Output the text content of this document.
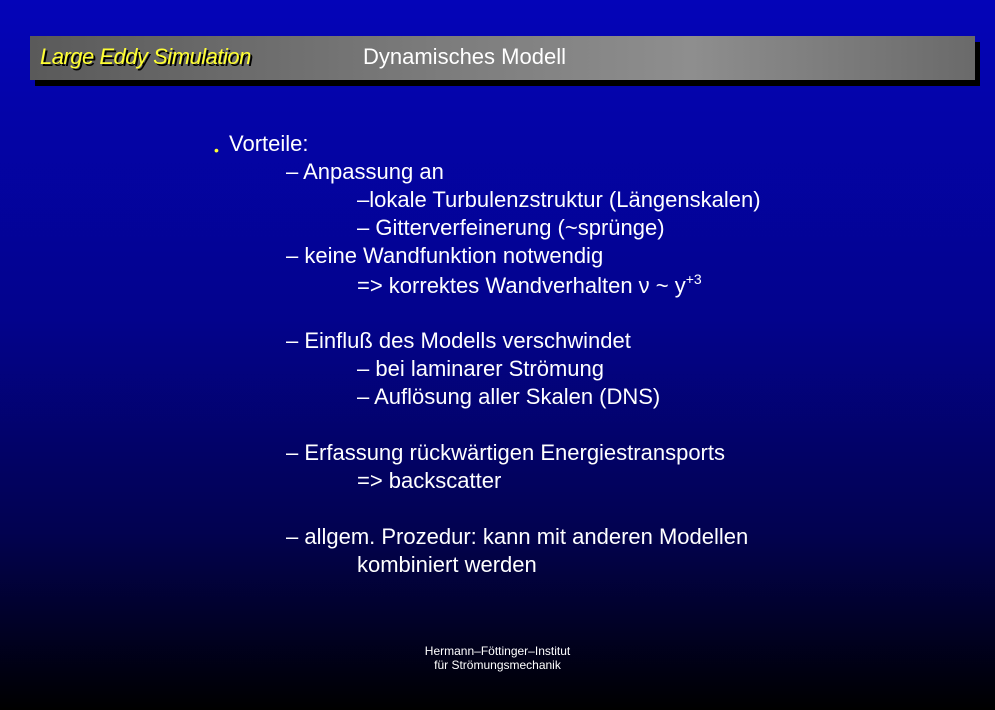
Large Eddy Simulation	Dynamisches Modell
• Vorteile:
– Anpassung an
–lokale Turbulenzstruktur (Längenskalen)
– Gitterverfeinerung (~sprünge)
– keine Wandfunktion notwendig
=> korrektes Wandverhalten ν ~ $y^{+3}$
– Einfluß des Modells verschwindet
– bei laminarer Strömung
– Auflösung aller Skalen (DNS)
– Erfassung rückwärtigen Energiestransports
=> backscatter
– allgem. Prozedur: kann mit anderen Modellen
kombiniert werden
Hermann–Föttinger–Institut
für Strömungsmechanik
